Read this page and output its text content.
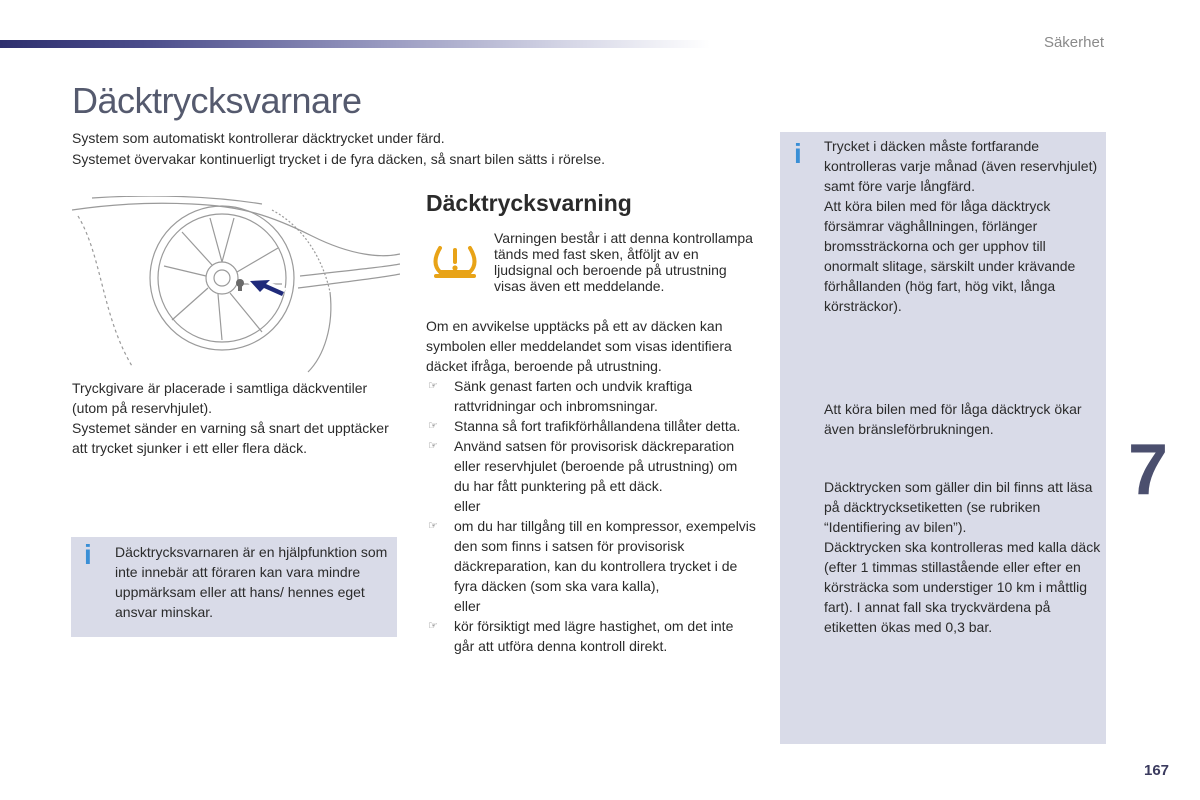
Säkerhet
Däcktrycksvarnare

System som automatiskt kontrollerar däcktrycket under färd.

Systemet övervakar kontinuerligt trycket i de fyra däcken, så snart bilen sätts i rörelse.

Tryckgivare är placerade i samtliga däckventiler (utom på reservhjulet).

Systemet sänder en varning så snart det upptäcker att trycket sjunker i ett eller flera däck.

i Däcktrycksvarnaren är en hjälpfunktion som inte innebär att föraren kan vara mindre uppmärksam eller att hans/ hennes eget ansvar minskar.
Däcktrycksvarning
Varningen består i att denna kontrollampa tänds med fast sken, åtföljt av en ljudsignal och beroende på utrustning visas även ett meddelande.

Om en avvikelse upptäcks på ett av däcken kan symbolen eller meddelandet som visas identifiera däcket ifråga, beroende på utrustning.

☞ Sänk genast farten och undvik kraftiga rattvridningar och inbromsningar.
☞ Stanna så fort trafikförhållandena tillåter detta.
☞ Använd satsen för provisorisk däckreparation eller reservhjulet (beroende på utrustning) om du har fått punktering på ett däck.
eller
☞ om du har tillgång till en kompressor, exempelvis den som finns i satsen för provisorisk däckreparation, kan du kontrollera trycket i de fyra däcken (som ska vara kalla),
eller
☞ kör försiktigt med lägre hastighet, om det inte går att utföra denna kontroll direkt.
i Trycket i däcken måste fortfarande kontrolleras varje månad (även reservhjulet) samt före varje långfärd.

Att köra bilen med för låga däcktryck försämrar väghållningen, förlänger bromssträckorna och ger upphov till onormalt slitage, särskilt under krävande förhållanden (hög fart, hög vikt, långa körsträckor).

Att köra bilen med för låga däcktryck ökar även bränsleförbrukningen.

Däcktrycken som gäller din bil finns att läsa på däcktrycksetiketten (se rubriken “Identifiering av bilen”).

Däcktrycken ska kontrolleras med kalla däck (efter 1 timmas stillastående eller efter en körsträcka som understiger 10 km i måttlig fart). I annat fall ska tryckvärdena på etiketten ökas med 0,3 bar.

7
167
